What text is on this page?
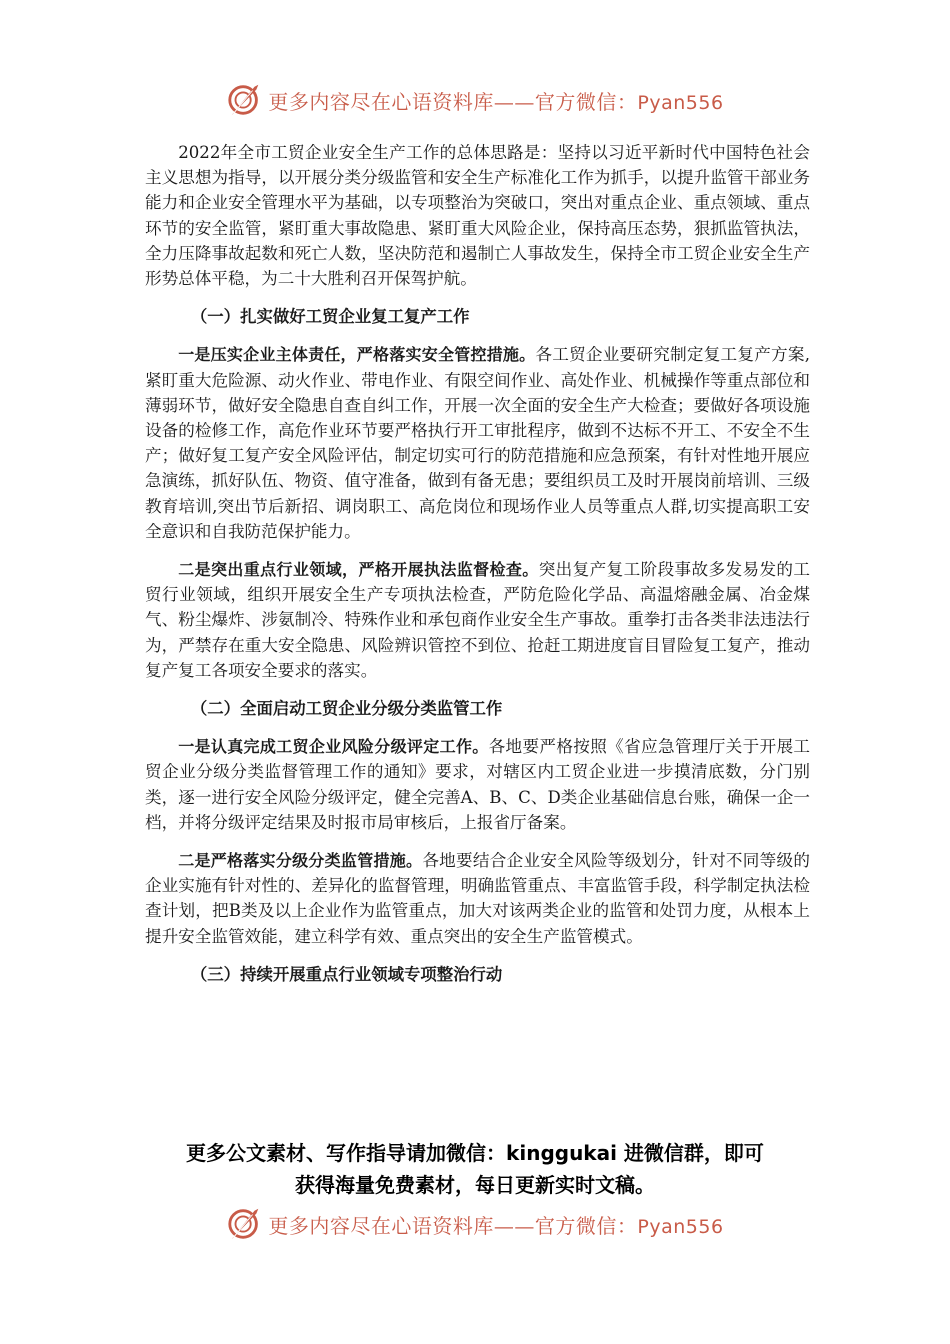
更多内容尽在心语资料库——官方微信：Pyan556

2022年全市工贸企业安全生产工作的总体思路是：坚持以习近平新时代中国特色社会主义思想为指导，以开展分类分级监管和安全生产标准化工作为抓手，以提升监管干部业务能力和企业安全管理水平为基础，以专项整治为突破口，突出对重点企业、重点领域、重点环节的安全监管，紧盯重大事故隐患、紧盯重大风险企业，保持高压态势，狠抓监管执法，全力压降事故起数和死亡人数，坚决防范和遏制亡人事故发生，保持全市工贸企业安全生产形势总体平稳，为二十大胜利召开保驾护航。

（一）扎实做好工贸企业复工复产工作

一是压实企业主体责任，严格落实安全管控措施。各工贸企业要研究制定复工复产方案,紧盯重大危险源、动火作业、带电作业、有限空间作业、高处作业、机械操作等重点部位和薄弱环节，做好安全隐患自查自纠工作，开展一次全面的安全生产大检查；要做好各项设施设备的检修工作，高危作业环节要严格执行开工审批程序，做到不达标不开工、不安全不生产；做好复工复产安全风险评估，制定切实可行的防范措施和应急预案，有针对性地开展应急演练，抓好队伍、物资、值守准备，做到有备无患；要组织员工及时开展岗前培训、三级教育培训,突出节后新招、调岗职工、高危岗位和现场作业人员等重点人群,切实提高职工安全意识和自我防范保护能力。

二是突出重点行业领域，严格开展执法监督检查。突出复产复工阶段事故多发易发的工贸行业领域，组织开展安全生产专项执法检查，严防危险化学品、高温熔融金属、冶金煤气、粉尘爆炸、涉氨制冷、特殊作业和承包商作业安全生产事故。重拳打击各类非法违法行为，严禁存在重大安全隐患、风险辨识管控不到位、抢赶工期进度盲目冒险复工复产，推动复产复工各项安全要求的落实。

（二）全面启动工贸企业分级分类监管工作

一是认真完成工贸企业风险分级评定工作。各地要严格按照《省应急管理厅关于开展工贸企业分级分类监督管理工作的通知》要求，对辖区内工贸企业进一步摸清底数，分门别类，逐一进行安全风险分级评定，健全完善A、B、C、D类企业基础信息台账，确保一企一档，并将分级评定结果及时报市局审核后，上报省厅备案。

二是严格落实分级分类监管措施。各地要结合企业安全风险等级划分，针对不同等级的企业实施有针对性的、差异化的监督管理，明确监管重点、丰富监管手段，科学制定执法检查计划，把B类及以上企业作为监管重点，加大对该两类企业的监管和处罚力度，从根本上提升安全监管效能，建立科学有效、重点突出的安全生产监管模式。

（三）持续开展重点行业领域专项整治行动

更多公文素材、写作指导请加微信：kinggukai 进微信群，即可
获得海量免费素材，每日更新实时文稿。
更多内容尽在心语资料库——官方微信：Pyan556
